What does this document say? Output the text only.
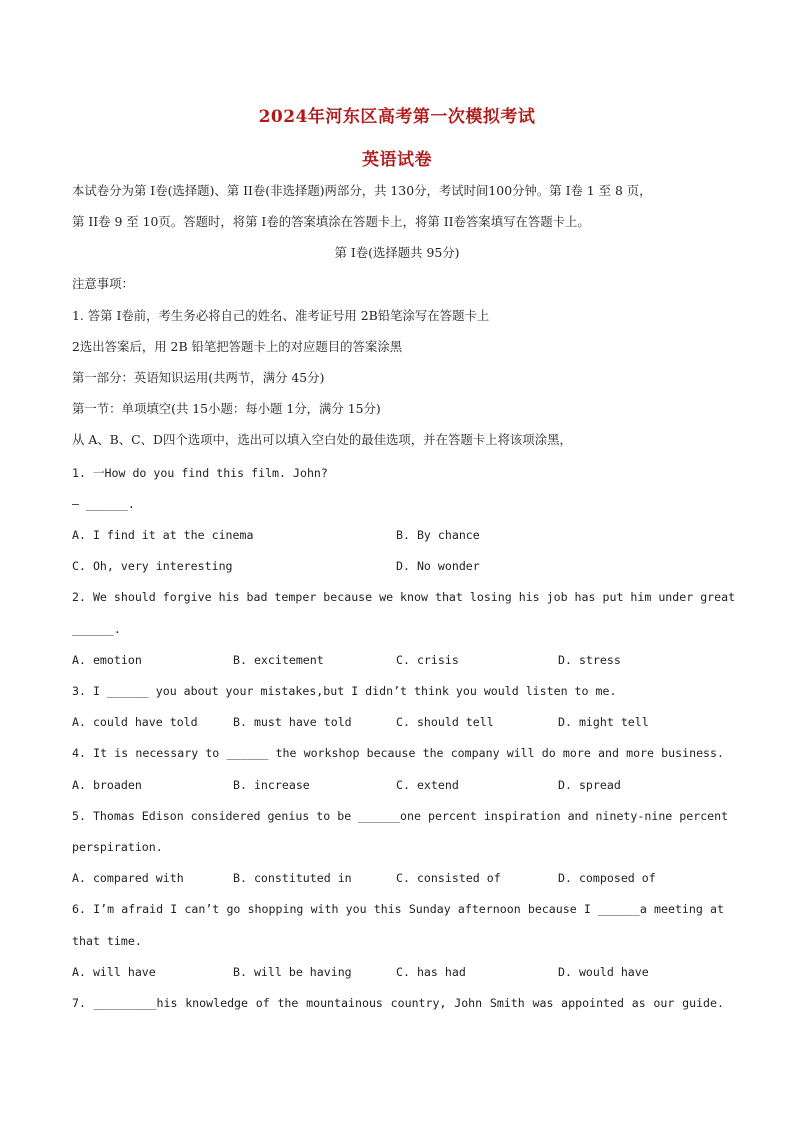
2024年河东区高考第一次模拟考试
英语试卷
本试卷分为第 I卷(选择题)、第 II卷(非选择题)两部分，共 130分，考试时间100分钟。第 I卷 1 至 8 页，
第 II卷 9 至 10页。答题时，将第 I卷的答案填涂在答题卡上，将第 II卷答案填写在答题卡上。
第 I卷(选择题共 95分)
注意事项：
1. 答第 I卷前，考生务必将自己的姓名、准考证号用 2B铅笔涂写在答题卡上
2选出答案后，用 2B 铅笔把答题卡上的对应题目的答案涂黑
第一部分：英语知识运用(共两节，满分 45分)
第一节：单项填空(共 15小题：每小题 1分，满分 15分)
从 A、B、C、D四个选项中，选出可以填入空白处的最佳选项，并在答题卡上将该项涂黑，
1. 一How do you find this film. John?
– ______.
A. I find it at the cinema	B. By chance
C. Oh, very interesting	D. No wonder
2. We should forgive his bad temper because we know that losing his job has put him under great
______.
A. emotion	B. excitement	C. crisis	D. stress
3. I ______ you about your mistakes,but I didn’t think you would listen to me.
A. could have told	B. must have told	C. should tell	D. might tell
4. It is necessary to ______ the workshop because the company will do more and more business.
A. broaden	B. increase	C. extend	D. spread
5. Thomas Edison considered genius to be ______one percent inspiration and ninety-nine percent
perspiration.
A. compared with	B. constituted in	C. consisted of	D. composed of
6. I’m afraid I can’t go shopping with you this Sunday afternoon because I ______a meeting at
that time.
A. will have	B. will be having	C. has had	D. would have
7. _________his knowledge of the mountainous country, John Smith was appointed as our guide.
